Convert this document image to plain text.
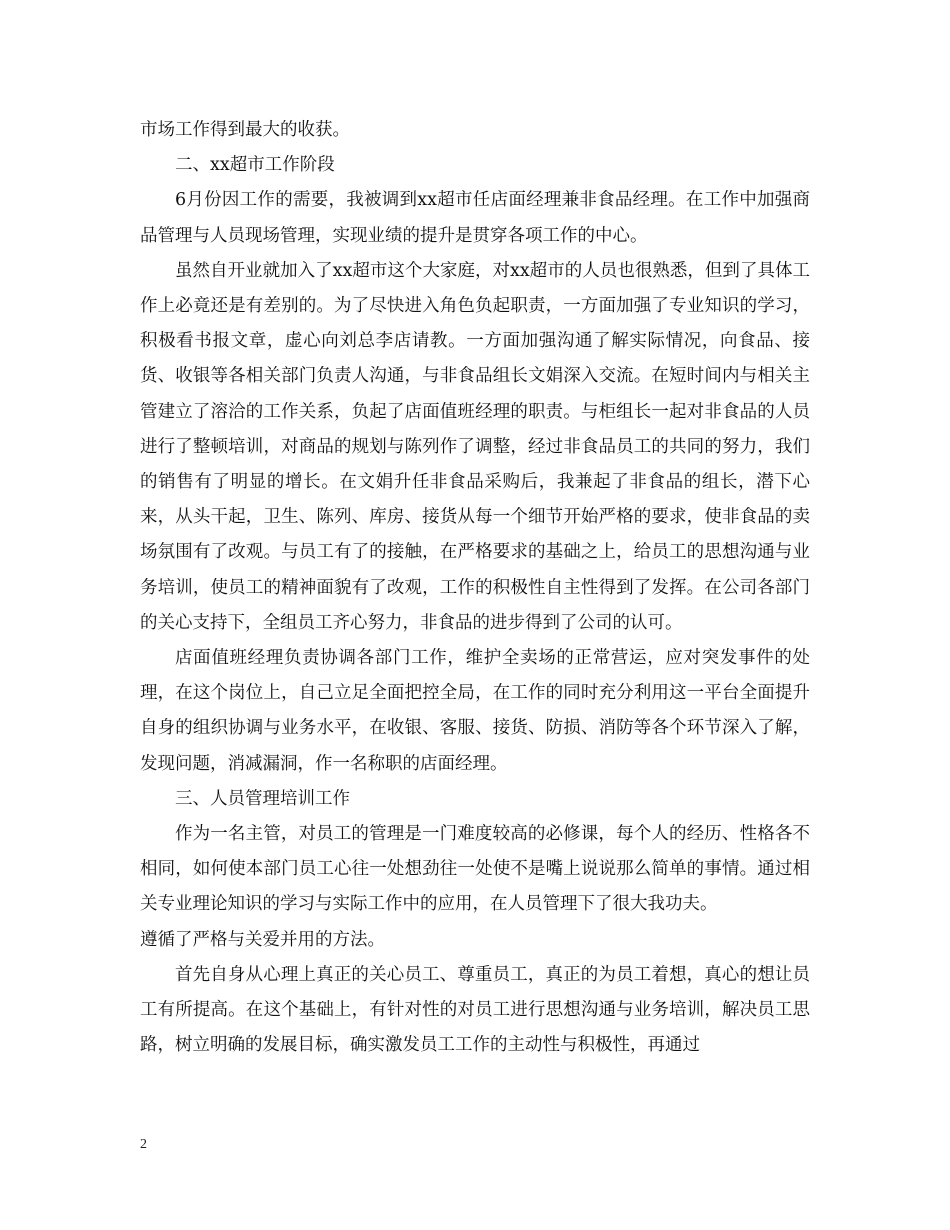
市场工作得到最大的收获。

二、xx超市工作阶段

6月份因工作的需要，我被调到xx超市任店面经理兼非食品经理。在工作中加强商品管理与人员现场管理，实现业绩的提升是贯穿各项工作的中心。

虽然自开业就加入了xx超市这个大家庭，对xx超市的人员也很熟悉，但到了具体工作上必竟还是有差别的。为了尽快进入角色负起职责，一方面加强了专业知识的学习，积极看书报文章，虚心向刘总李店请教。一方面加强沟通了解实际情况，向食品、接货、收银等各相关部门负责人沟通，与非食品组长文娟深入交流。在短时间内与相关主管建立了溶洽的工作关系，负起了店面值班经理的职责。与柜组长一起对非食品的人员进行了整顿培训，对商品的规划与陈列作了调整，经过非食品员工的共同的努力，我们的销售有了明显的增长。在文娟升任非食品采购后，我兼起了非食品的组长，潜下心来，从头干起，卫生、陈列、库房、接货从每一个细节开始严格的要求，使非食品的卖场氛围有了改观。与员工有了的接触，在严格要求的基础之上，给员工的思想沟通与业务培训，使员工的精神面貌有了改观，工作的积极性自主性得到了发挥。在公司各部门的关心支持下，全组员工齐心努力，非食品的进步得到了公司的认可。

店面值班经理负责协调各部门工作，维护全卖场的正常营运，应对突发事件的处理，在这个岗位上，自己立足全面把控全局，在工作的同时充分利用这一平台全面提升自身的组织协调与业务水平，在收银、客服、接货、防损、消防等各个环节深入了解，发现问题，消减漏洞，作一名称职的店面经理。

三、人员管理培训工作

作为一名主管，对员工的管理是一门难度较高的必修课，每个人的经历、性格各不相同，如何使本部门员工心往一处想劲往一处使不是嘴上说说那么简单的事情。通过相关专业理论知识的学习与实际工作中的应用，在人员管理下了很大我功夫。

遵循了严格与关爱并用的方法。

首先自身从心理上真正的关心员工、尊重员工，真正的为员工着想，真心的想让员工有所提高。在这个基础上，有针对性的对员工进行思想沟通与业务培训，解决员工思路，树立明确的发展目标，确实激发员工工作的主动性与积极性，再通过

2
